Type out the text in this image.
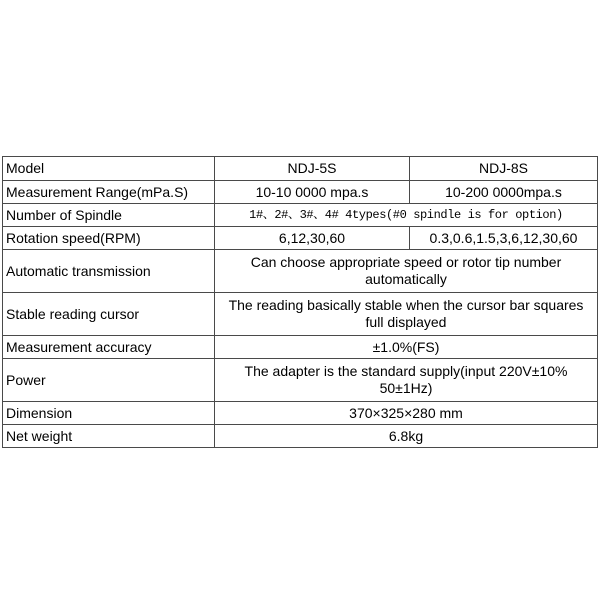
Model	NDJ-5S	NDJ-8S
Measurement Range(mPa.S)	10-10 0000 mpa.s	10-200 0000mpa.s
Number of Spindle	1#、2#、3#、4# 4types(#0 spindle is for option)	
Rotation speed(RPM)	6,12,30,60	0.3,0.6,1.5,3,6,12,30,60
Automatic transmission	Can choose appropriate speed or rotor tip number
automatically	

Stable reading cursor	The reading basically stable when the cursor bar squares
full displayed	

Measurement accuracy	±1.0%(FS)	
Power	The adapter is the standard supply(input 220V±10%
50±1Hz)	

Dimension	370×325×280 mm	
Net weight	6.8kg	
